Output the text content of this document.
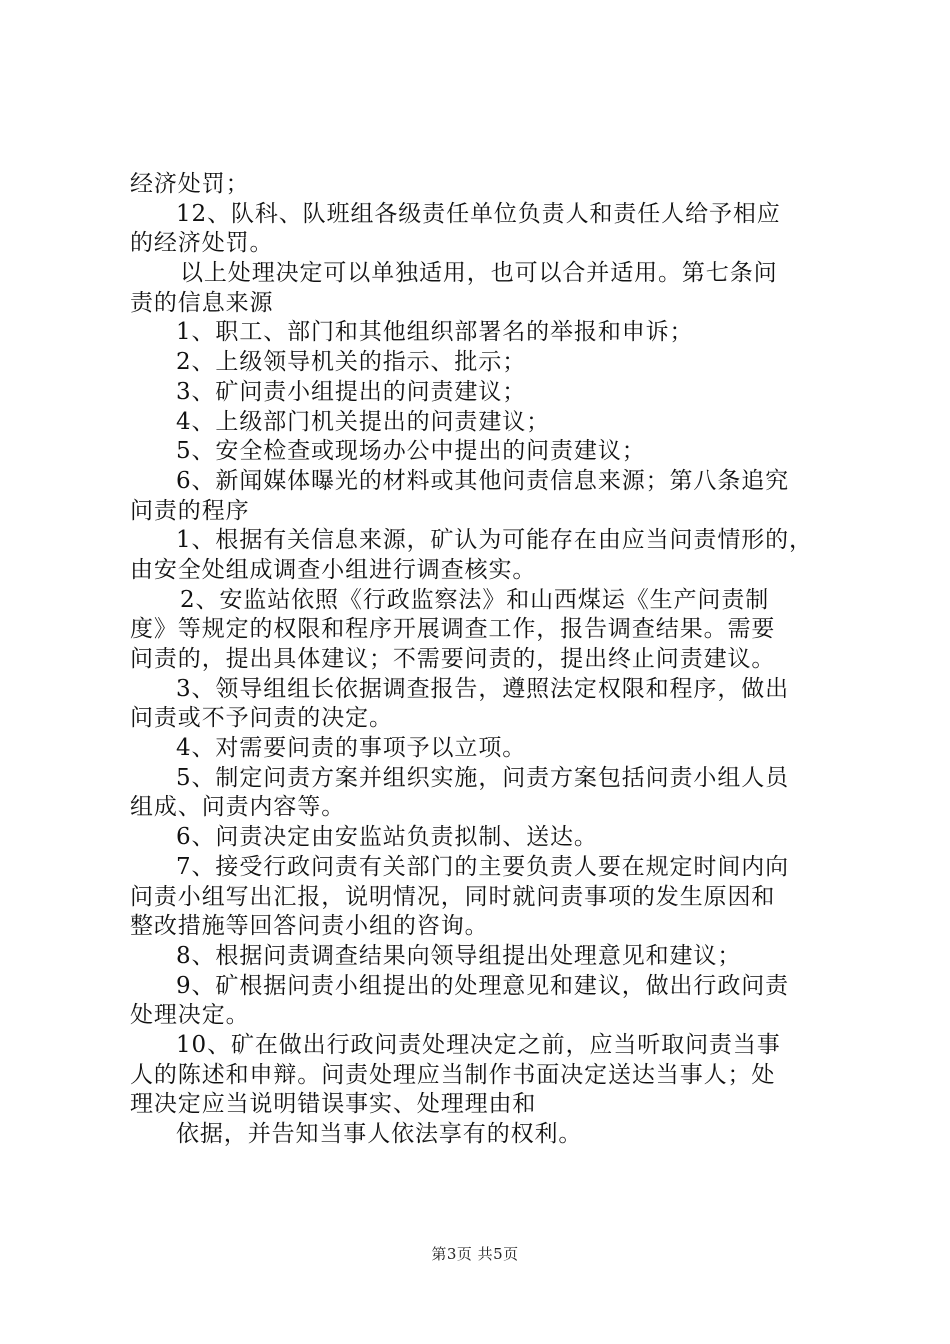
经济处罚；
12、队科、队班组各级责任单位负责人和责任人给予相应
的经济处罚。
以上处理决定可以单独适用，也可以合并适用。第七条问
责的信息来源
1、职工、部门和其他组织部署名的举报和申诉；
2、上级领导机关的指示、批示；
3、矿问责小组提出的问责建议；
4、上级部门机关提出的问责建议；
5、安全检查或现场办公中提出的问责建议；
6、新闻媒体曝光的材料或其他问责信息来源；第八条追究
问责的程序
1、根据有关信息来源，矿认为可能存在由应当问责情形的，
由安全处组成调查小组进行调查核实。
2、安监站依照《行政监察法》和山西煤运《生产问责制
度》等规定的权限和程序开展调查工作，报告调查结果。需要
问责的，提出具体建议；不需要问责的，提出终止问责建议。
3、领导组组长依据调查报告，遵照法定权限和程序，做出
问责或不予问责的决定。
4、对需要问责的事项予以立项。
5、制定问责方案并组织实施，问责方案包括问责小组人员
组成、问责内容等。
6、问责决定由安监站负责拟制、送达。
7、接受行政问责有关部门的主要负责人要在规定时间内向
问责小组写出汇报，说明情况，同时就问责事项的发生原因和
整改措施等回答问责小组的咨询。
8、根据问责调查结果向领导组提出处理意见和建议；
9、矿根据问责小组提出的处理意见和建议，做出行政问责
处理决定。
10、矿在做出行政问责处理决定之前，应当听取问责当事
人的陈述和申辩。问责处理应当制作书面决定送达当事人；处
理决定应当说明错误事实、处理理由和
依据，并告知当事人依法享有的权利。
第3页 共5页
